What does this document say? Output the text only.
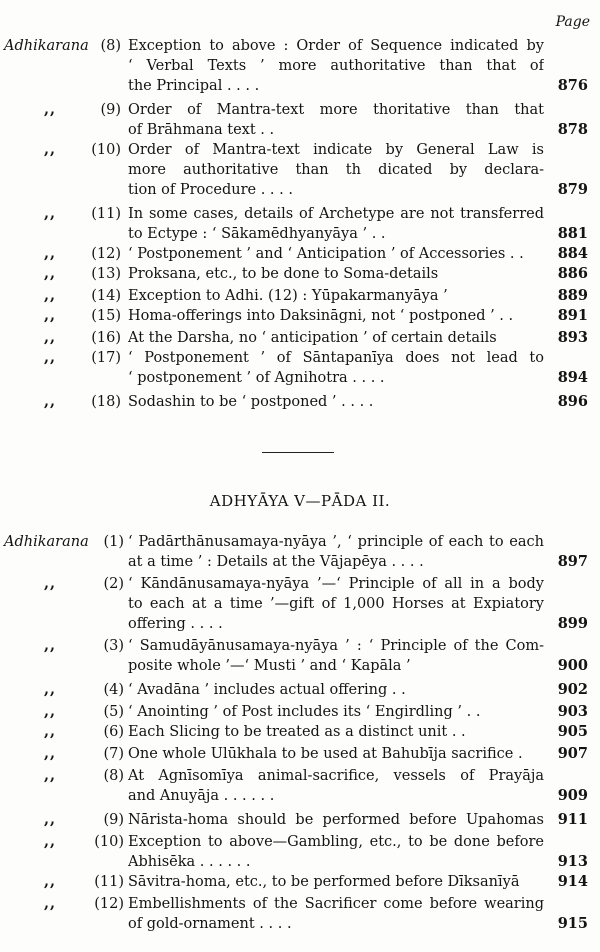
Page
Adhikarana (8) Exception to above : Order of Sequence indicated by
‘ Verbal Texts ’ more authoritative than that of
the Principal . . . .	876
,,	(9) Order of Mantra-text more thoritative than that
of Brāhmana text . .	878
,, (10) Order of Mantra-text indicate by General Law is
more authoritative than th dicated by declara-
tion of Procedure . . . .	879
,, (11) In some cases, details of Archetype are not transferred
to Ectype : ‘ Sākamēdhyanyāya ’ . .	881
,, (12) ‘ Postponement ’ and ‘ Anticipation ’ of Accessories . .	884
,, (13) Proksana, etc., to be done to Soma-details	886
,, (14) Exception to Adhi. (12) : Yūpakarmanyāya ’	889
,, (15) Homa-offerings into Daksināgni, not ‘ postponed ’ . .	891
,, (16) At the Darsha, no ‘ anticipation ’ of certain details	893
,, (17) ‘ Postponement ’ of Sāntapanīya does not lead to
‘ postponement ’ of Agnihotra . . . .	894
,, (18) Sodashin to be ‘ postponed ’ . . . .	896
ADHYĀYA V—PĀDA II.
Adhikarana (1) ‘ Padārthānusamaya-nyāya ’, ‘ principle of each to each
at a time ’ : Details at the Vājapēya . . . .	897
,,	(2) ‘ Kāndānusamaya-nyāya ’—‘ Principle of all in a body
to each at a time ’—gift of 1,000 Horses at Expiatory
offering . . . .	899
,,	(3) ‘ Samudāyānusamaya-nyāya ’ : ‘ Principle of the Com-
posite whole ’—‘ Musti ’ and ‘ Kapāla ’	900
,,	(4) ‘ Avadāna ’ includes actual offering . .	902
,,	(5) ‘ Anointing ’ of Post includes its ‘ Engirdling ’ . .	903
,,	(6) Each Slicing to be treated as a distinct unit . .	905
,,	(7) One whole Ulūkhala to be used at Bahubīja sacrifice .	907
,,	(8) At Agnīsomīya animal-sacrifice, vessels of Prayāja
and Anuyāja . . . . . .	909
,,	(9) Nārista-homa should be performed before Upahomas 911
,,	(10) Exception to above—Gambling, etc., to be done before
Abhisēka . . . . . .	913
,,	(11) Sāvitra-homa, etc., to be performed before Dīksanīyā	914
,,	(12) Embellishments of the Sacrificer come before wearing
of gold-ornament . . . .	915
